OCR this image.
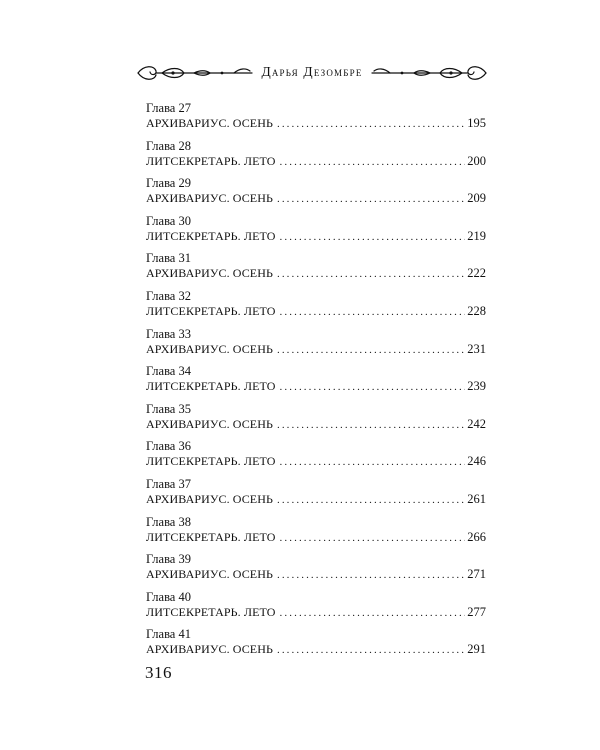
Дарья Дезомбре
Глава 27
АРХИВАРИУС. ОСЕНЬ .....	195
Глава 28
ЛИТСЕКРЕТАРЬ. ЛЕТО .....	200
Глава 29
АРХИВАРИУС. ОСЕНЬ .....	209
Глава 30
ЛИТСЕКРЕТАРЬ. ЛЕТО .....	219
Глава 31
АРХИВАРИУС. ОСЕНЬ .....	222
Глава 32
ЛИТСЕКРЕТАРЬ. ЛЕТО .....	228
Глава 33
АРХИВАРИУС. ОСЕНЬ .....	231
Глава 34
ЛИТСЕКРЕТАРЬ. ЛЕТО .....	239
Глава 35
АРХИВАРИУС. ОСЕНЬ .....	242
Глава 36
ЛИТСЕКРЕТАРЬ. ЛЕТО .....	246
Глава 37
АРХИВАРИУС. ОСЕНЬ .....	261
Глава 38
ЛИТСЕКРЕТАРЬ. ЛЕТО .....	266
Глава 39
АРХИВАРИУС. ОСЕНЬ .....	271
Глава 40
ЛИТСЕКРЕТАРЬ. ЛЕТО .....	277
Глава 41
АРХИВАРИУС. ОСЕНЬ .....	291
316
